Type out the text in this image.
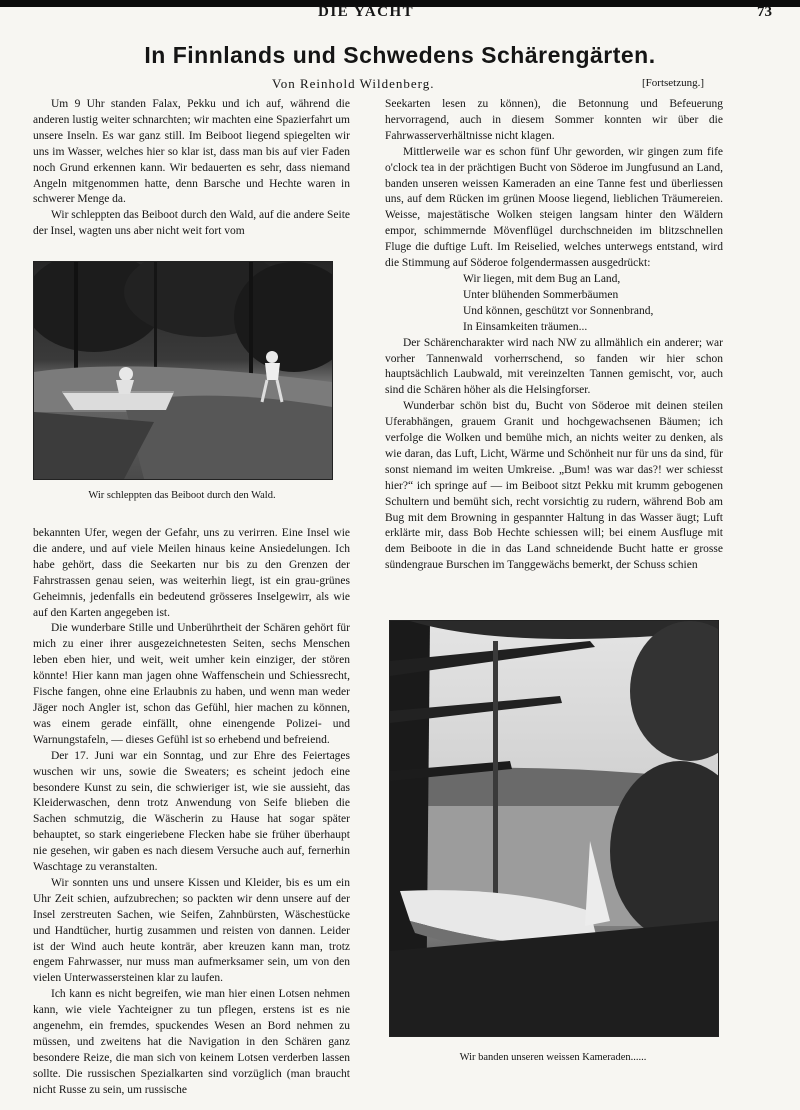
DIE YACHT	73
In Finnlands und Schwedens Schärengärten.
Von Reinhold Wildenberg.	[Fortsetzung.]

Um 9 Uhr standen Falax, Pekku und ich auf, während die anderen lustig weiter schnarchten; wir machten eine Spazierfahrt um unsere Inseln. Es war ganz still. Im Beiboot liegend spiegelten wir uns im Wasser, welches hier so klar ist, dass man bis auf vier Faden noch Grund erkennen kann. Wir bedauerten es sehr, dass niemand Angeln mitgenommen hatte, denn Barsche und Hechte waren in schwerer Menge da.

Wir schleppten das Beiboot durch den Wald, auf die andere Seite der Insel, wagten uns aber nicht weit fort vom

Wir schleppten das Beiboot durch den Wald.

bekannten Ufer, wegen der Gefahr, uns zu verirren. Eine Insel wie die andere, und auf viele Meilen hinaus keine Ansiedelungen. Ich habe gehört, dass die Seekarten nur bis zu den Grenzen der Fahrstrassen genau seien, was weiterhin liegt, ist ein grau-grünes Geheimnis, jedenfalls ein bedeutend grösseres Inselgewirr, als wie auf den Karten angegeben ist.

Die wunderbare Stille und Unberührtheit der Schären gehört für mich zu einer ihrer ausgezeichnetesten Seiten, sechs Menschen leben eben hier, und weit, weit umher kein einziger, der stören könnte! Hier kann man jagen ohne Waffenschein und Schiessrecht, Fische fangen, ohne eine Erlaubnis zu haben, und wenn man weder Jäger noch Angler ist, schon das Gefühl, hier machen zu können, was einem gerade einfällt, ohne einengende Polizei- und Warnungstafeln, — dieses Gefühl ist so erhebend und befreiend.

Der 17. Juni war ein Sonntag, und zur Ehre des Feiertages wuschen wir uns, sowie die Sweaters; es scheint jedoch eine besondere Kunst zu sein, die schwieriger ist, wie sie aussieht, das Kleiderwaschen, denn trotz Anwendung von Seife blieben die Sachen schmutzig, die Wäscherin zu Hause hat sogar später behauptet, so stark eingeriebene Flecken habe sie früher überhaupt nie gesehen, wir gaben es nach diesem Versuche auch auf, fernerhin Waschtage zu veranstalten.

Wir sonnten uns und unsere Kissen und Kleider, bis es um ein Uhr Zeit schien, aufzubrechen; so packten wir denn unsere auf der Insel zerstreuten Sachen, wie Seifen, Zahnbürsten, Wäschestücke und Handtücher, hurtig zusammen und reisten von dannen. Leider ist der Wind auch heute konträr, aber kreuzen kann man, trotz engem Fahrwasser, nur muss man aufmerksamer sein, um von den vielen Unterwassersteinen klar zu laufen.

Ich kann es nicht begreifen, wie man hier einen Lotsen nehmen kann, wie viele Yachteigner zu tun pflegen, erstens ist es nie angenehm, ein fremdes, spuckendes Wesen an Bord nehmen zu müssen, und zweitens hat die Navigation in den Schären ganz besondere Reize, die man sich von keinem Lotsen verderben lassen sollte. Die russischen Spezialkarten sind vorzüglich (man braucht nicht Russe zu sein, um russische

Seekarten lesen zu können), die Betonnung und Befeuerung hervorragend, auch in diesem Sommer konnten wir über die Fahrwasserverhältnisse nicht klagen.

Mittlerweile war es schon fünf Uhr geworden, wir gingen zum fife o'clock tea in der prächtigen Bucht von Söderoe im Jungfusund an Land, banden unseren weissen Kameraden an eine Tanne fest und überliessen uns, auf dem Rücken im grünen Moose liegend, lieblichen Träumereien. Weisse, majestätische Wolken steigen langsam hinter den Wäldern empor, schimmernde Mövenflügel durchschneiden im blitzschnellen Fluge die duftige Luft. Im Reiselied, welches unterwegs entstand, wird die Stimmung auf Söderoe folgendermassen ausgedrückt:

Wir liegen, mit dem Bug an Land,
Unter blühenden Sommerbäumen
Und können, geschützt vor Sonnenbrand,
In Einsamkeiten träumen...

Der Schärencharakter wird nach NW zu allmählich ein anderer; war vorher Tannenwald vorherrschend, so fanden wir hier schon hauptsächlich Laubwald, mit vereinzelten Tannen gemischt, vor, auch sind die Schären höher als die Helsingforser.

Wunderbar schön bist du, Bucht von Söderoe mit deinen steilen Uferabhängen, grauem Granit und hochgewachsenen Bäumen; ich verfolge die Wolken und bemühe mich, an nichts weiter zu denken, als wie daran, das Luft, Licht, Wärme und Schönheit nur für uns da sind, für sonst niemand im weiten Umkreise. „Bum! was war das?! wer schiesst hier?“ ich springe auf — im Beiboot sitzt Pekku mit krumm gebogenen Schultern und bemüht sich, recht vorsichtig zu rudern, während Bob am Bug mit dem Browning in gespannter Haltung in das Wasser äugt; Luft erklärte mir, dass Bob Hechte schiessen will; bei einem Ausfluge mit dem Beiboote in die in das Land schneidende Bucht hatte er grosse sündengraue Burschen im Tanggewächs bemerkt, der Schuss schien

Wir banden unseren weissen Kameraden......
